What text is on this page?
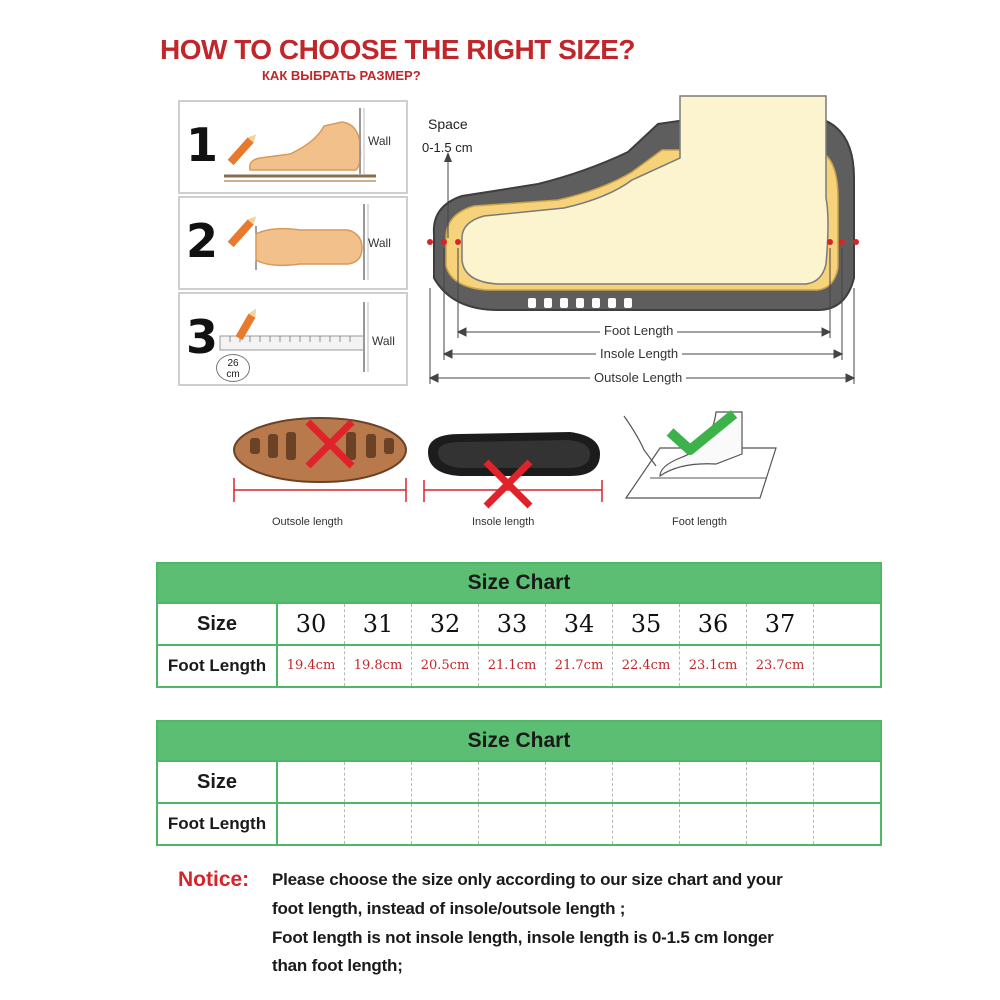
HOW TO CHOOSE THE RIGHT SIZE?
КАК ВЫБРАТЬ РАЗМЕР?
1	Wall
2	Wall
3 26
cm
Wall
Space
0-1.5 cm
Foot Length
Insole Length
Outsole Length
Outsole length	Insole length	Foot length
Size Chart
Size	30	31	32	33	34	35	36	37
Foot Length	19.4cm	19.8cm	20.5cm	21.1cm	21.7cm	22.4cm	23.1cm	23.7cm
Size Chart
Size
Foot Length
Notice: Please choose the size only according to our size chart and your
foot length, instead of insole/outsole length ;
Foot length is not insole length, insole length is 0-1.5 cm longer
than foot length;
